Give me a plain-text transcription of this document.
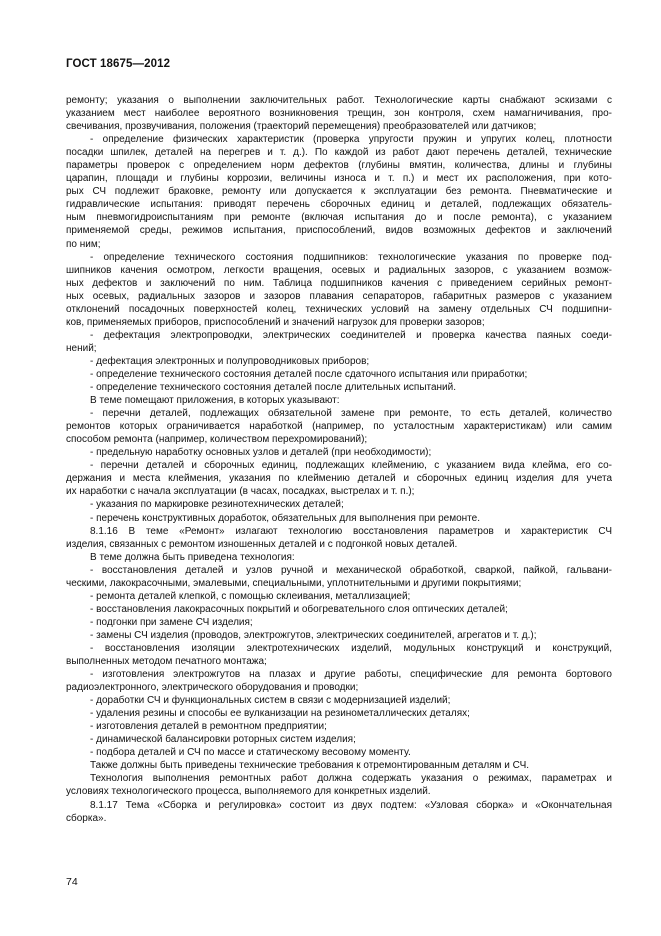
ГОСТ 18675—2012
ремонту; указания о выполнении заключительных работ. Технологические карты снабжают эскизами с
указанием мест наиболее вероятного возникновения трещин, зон контроля, схем намагничивания, про-
свечивания, прозвучивания, положения (траекторий перемещения) преобразователей или датчиков;
- определение физических характеристик (проверка упругости пружин и упругих колец, плотности
посадки шпилек, деталей на перегрев и т. д.). По каждой из работ дают перечень деталей, технические
параметры проверок с определением норм дефектов (глубины вмятин, количества, длины и глубины
царапин, площади и глубины коррозии, величины износа и т. п.) и мест их расположения, при кото-
рых СЧ подлежит браковке, ремонту или допускается к эксплуатации без ремонта. Пневматические и
гидравлические испытания: приводят перечень сборочных единиц и деталей, подлежащих обязатель-
ным пневмогидроиспытаниям при ремонте (включая испытания до и после ремонта), с указанием
применяемой среды, режимов испытания, приспособлений, видов возможных дефектов и заключений
по ним;
- определение технического состояния подшипников: технологические указания по проверке под-
шипников качения осмотром, легкости вращения, осевых и радиальных зазоров, с указанием возмож-
ных дефектов и заключений по ним. Таблица подшипников качения с приведением серийных ремонт-
ных осевых, радиальных зазоров и зазоров плавания сепараторов, габаритных размеров с указанием
отклонений посадочных поверхностей колец, технических условий на замену отдельных СЧ подшипни-
ков, применяемых приборов, приспособлений и значений нагрузок для проверки зазоров;
- дефектация электропроводки, электрических соединителей и проверка качества паяных соеди-
нений;
- дефектация электронных и полупроводниковых приборов;
- определение технического состояния деталей после сдаточного испытания или приработки;
- определение технического состояния деталей после длительных испытаний.
В теме помещают приложения, в которых указывают:
- перечни деталей, подлежащих обязательной замене при ремонте, то есть деталей, количество
ремонтов которых ограничивается наработкой (например, по усталостным характеристикам) или самим
способом ремонта (например, количеством перехромирований);
- предельную наработку основных узлов и деталей (при необходимости);
- перечни деталей и сборочных единиц, подлежащих клеймению, с указанием вида клейма, его со-
держания и места клеймения, указания по клеймению деталей и сборочных единиц изделия для учета
их наработки с начала эксплуатации (в часах, посадках, выстрелах и т. п.);
- указания по маркировке резинотехнических деталей;
- перечень конструктивных доработок, обязательных для выполнения при ремонте.
8.1.16 В теме «Ремонт» излагают технологию восстановления параметров и характеристик СЧ
изделия, связанных с ремонтом изношенных деталей и с подгонкой новых деталей.
В теме должна быть приведена технология:
- восстановления деталей и узлов ручной и механической обработкой, сваркой, пайкой, гальвани-
ческими, лакокрасочными, эмалевыми, специальными, уплотнительными и другими покрытиями;
- ремонта деталей клепкой, с помощью склеивания, металлизацией;
- восстановления лакокрасочных покрытий и обогревательного слоя оптических деталей;
- подгонки при замене СЧ изделия;
- замены СЧ изделия (проводов, электрожгутов, электрических соединителей, агрегатов и т. д.);
- восстановления изоляции электротехнических изделий, модульных конструкций и конструкций,
выполненных методом печатного монтажа;
- изготовления электрожгутов на плазах и другие работы, специфические для ремонта бортового
радиоэлектронного, электрического оборудования и проводки;
- доработки СЧ и функциональных систем в связи с модернизацией изделий;
- удаления резины и способы ее вулканизации на резинометаллических деталях;
- изготовления деталей в ремонтном предприятии;
- динамической балансировки роторных систем изделия;
- подбора деталей и СЧ по массе и статическому весовому моменту.
Также должны быть приведены технические требования к отремонтированным деталям и СЧ.
Технология выполнения ремонтных работ должна содержать указания о режимах, параметрах и
условиях технологического процесса, выполняемого для конкретных изделий.
8.1.17 Тема «Сборка и регулировка» состоит из двух подтем: «Узловая сборка» и «Окончательная
сборка».
74
